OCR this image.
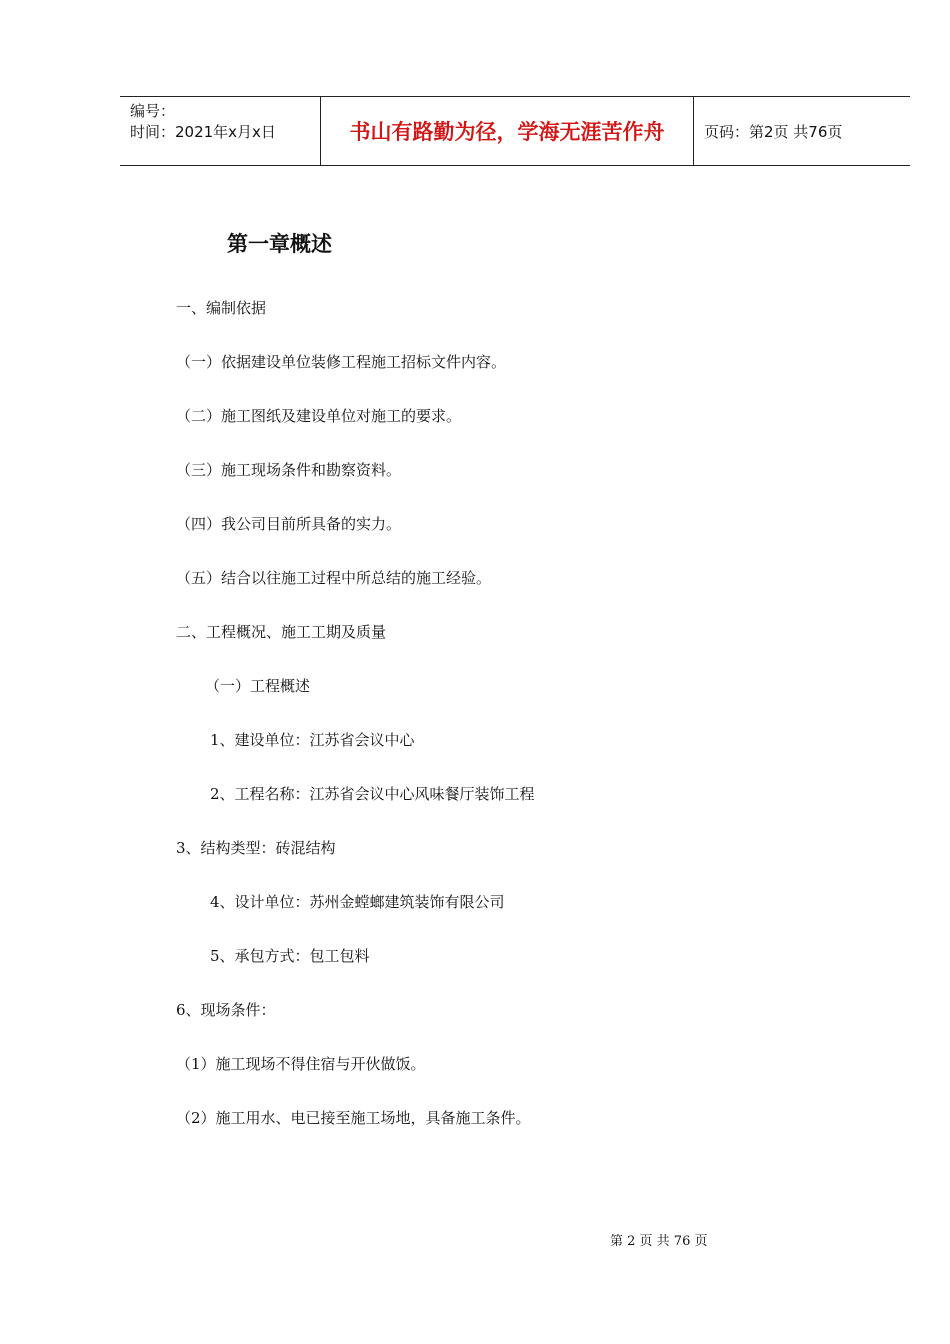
编号：
时间：2021年x月x日	书山有路勤为径，学海无涯苦作舟	页码：第2页 共76页
第一章概述
一、编制依据
（一）依据建设单位装修工程施工招标文件内容。
（二）施工图纸及建设单位对施工的要求。
（三）施工现场条件和勘察资料。
（四）我公司目前所具备的实力。
（五）结合以往施工过程中所总结的施工经验。
二、工程概况、施工工期及质量
（一）工程概述
1、建设单位：江苏省会议中心
2、工程名称：江苏省会议中心风味餐厅装饰工程
3、结构类型：砖混结构
4、设计单位：苏州金螳螂建筑装饰有限公司
5、承包方式：包工包料
6、现场条件：
（1）施工现场不得住宿与开伙做饭。
（2）施工用水、电已接至施工场地，具备施工条件。
第 2 页 共 76 页
